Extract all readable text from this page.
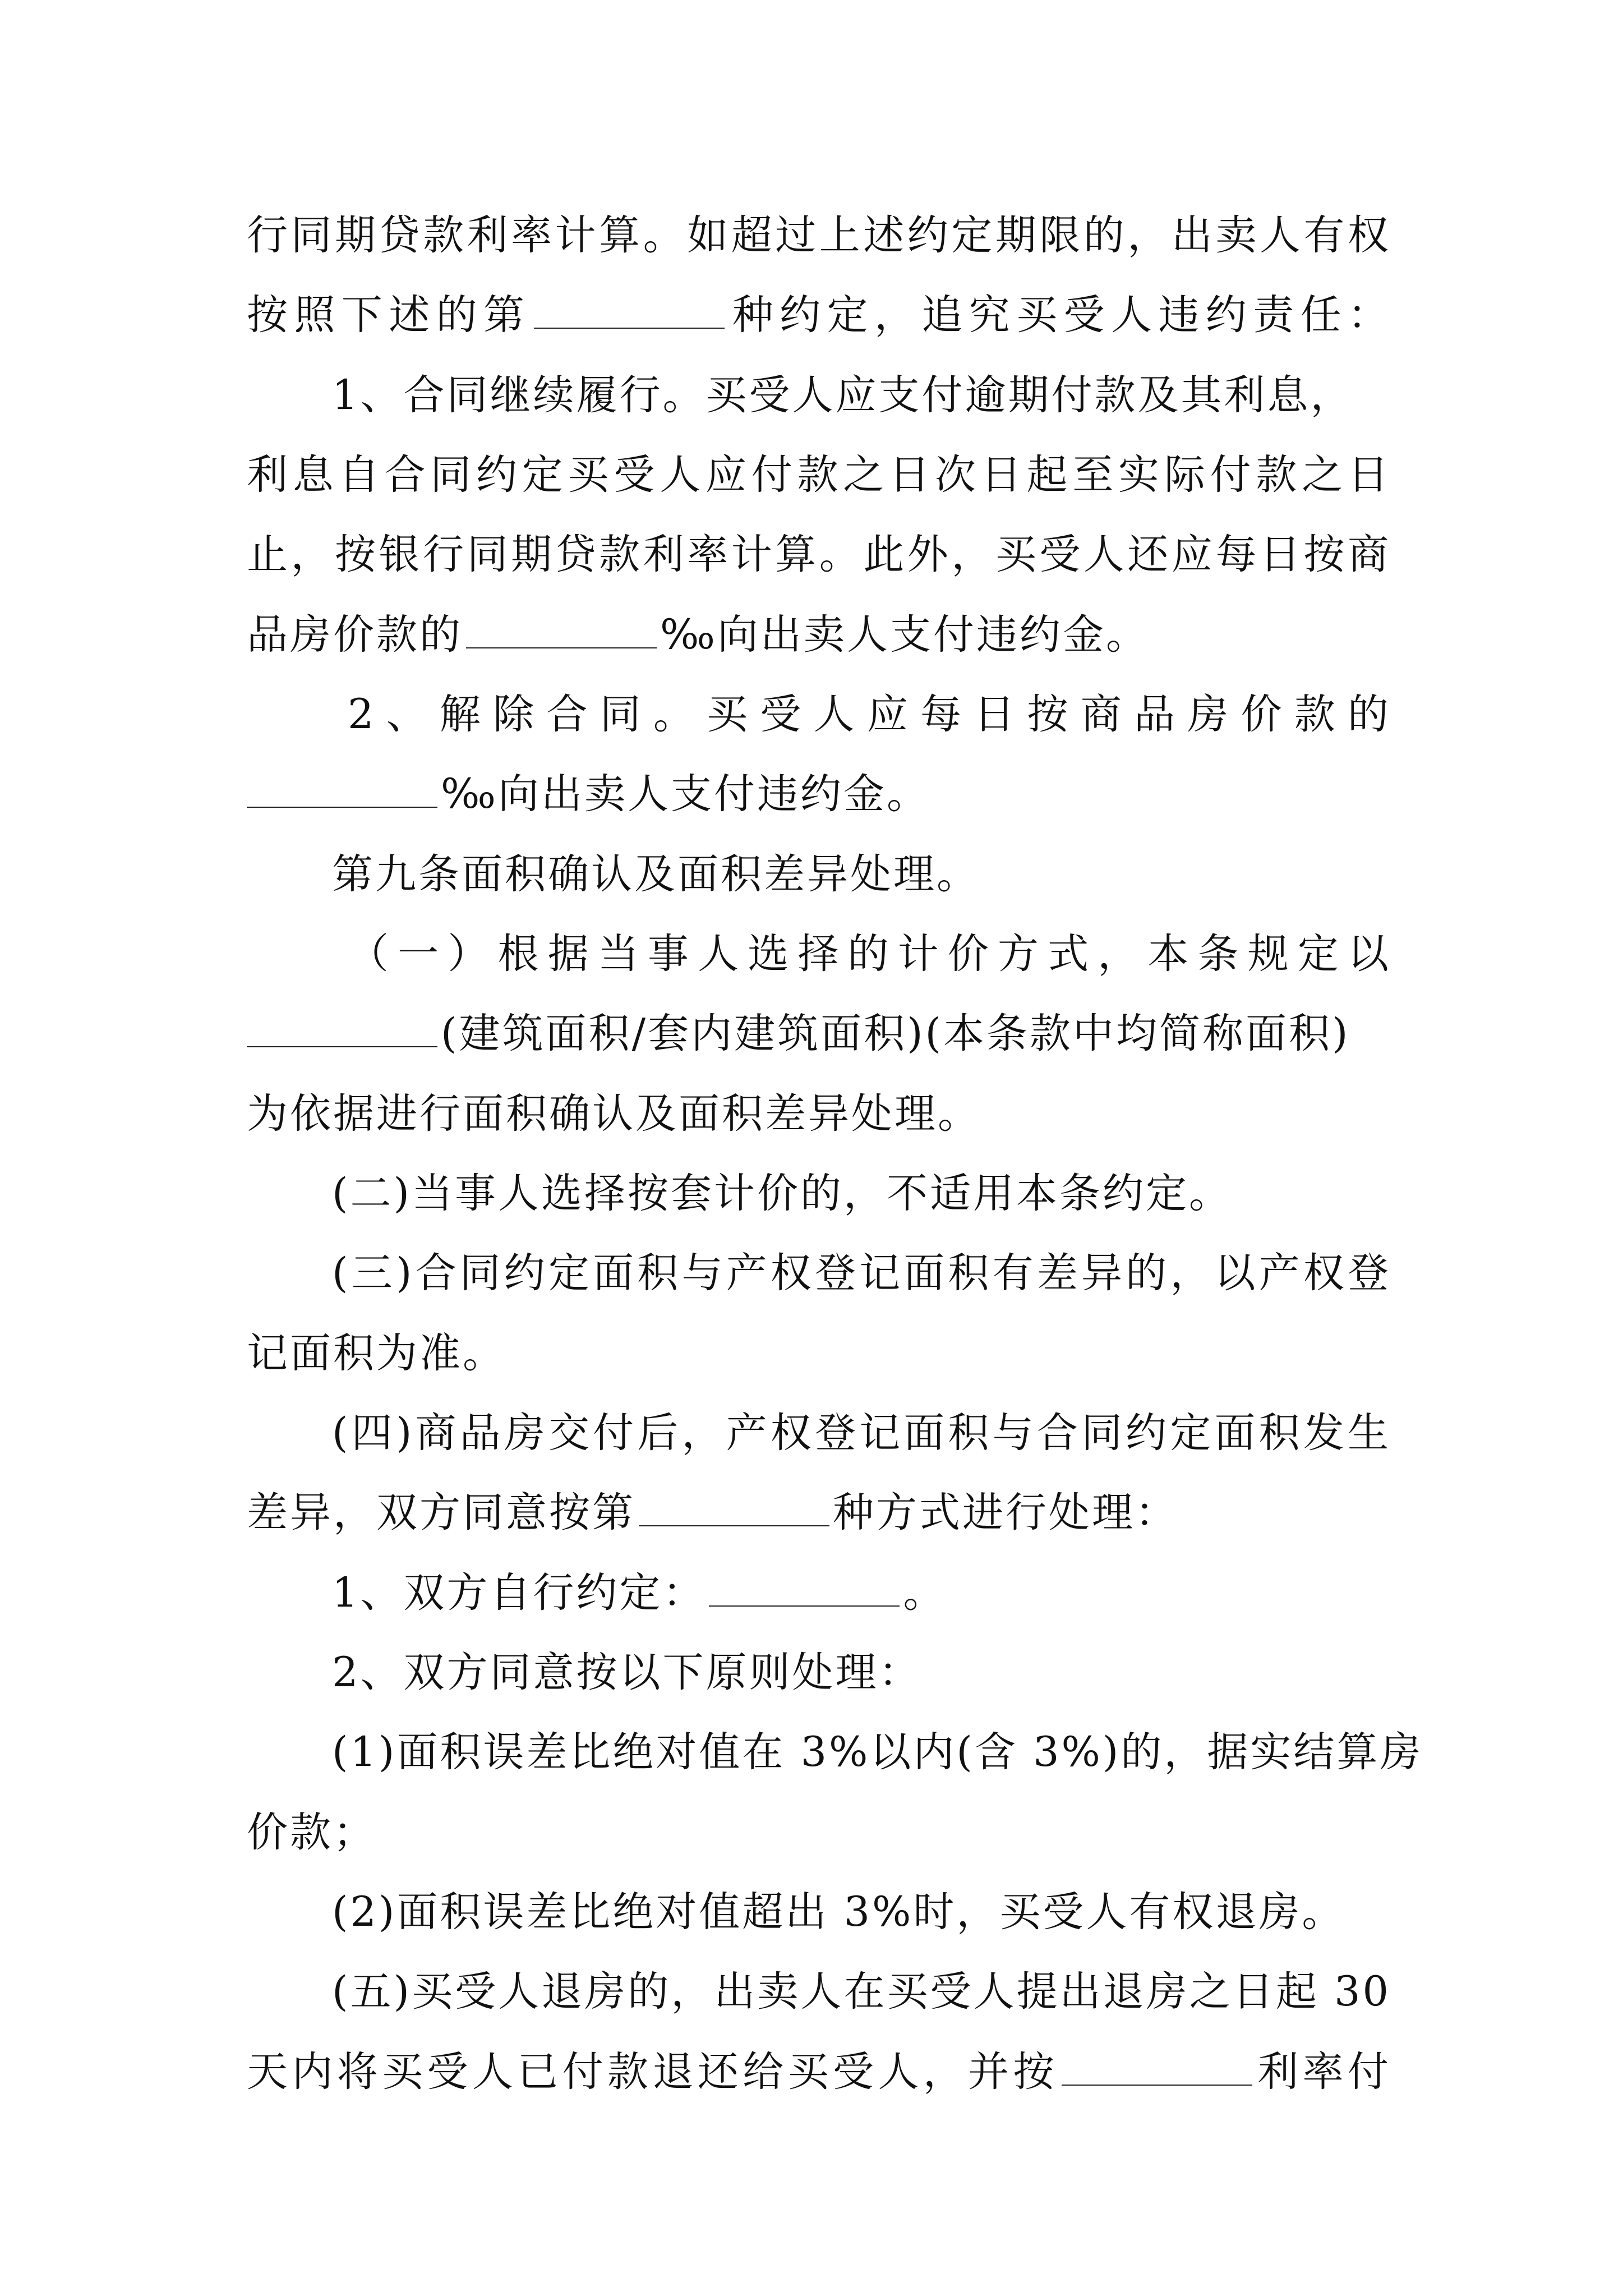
行同期贷款利率计算。如超过上述约定期限的，出卖人有权
按照下述的第	种约定，追究买受人违约责任：
1、合同继续履行。买受人应支付逾期付款及其利息，
利息自合同约定买受人应付款之日次日起至实际付款之日
止，按银行同期贷款利率计算。此外，买受人还应每日按商
品房价款的	‰向出卖人支付违约金。
2、解除合同。买受人应每日按商品房价款的
‰向出卖人支付违约金。
第九条面积确认及面积差异处理。
（一）根据当事人选择的计价方式，本条规定以
(建筑面积/套内建筑面积)(本条款中均简称面积)
为依据进行面积确认及面积差异处理。
(二)当事人选择按套计价的，不适用本条约定。
(三)合同约定面积与产权登记面积有差异的，以产权登
记面积为准。
(四)商品房交付后，产权登记面积与合同约定面积发生
差异，双方同意按第	种方式进行处理：
1、双方自行约定：	。
2、双方同意按以下原则处理：
(1)面积误差比绝对值在 3%以内(含 3%)的，据实结算房
价款；
(2)面积误差比绝对值超出 3%时，买受人有权退房。
(五)买受人退房的，出卖人在买受人提出退房之日起 30
天内将买受人已付款退还给买受人，并按	利率付
